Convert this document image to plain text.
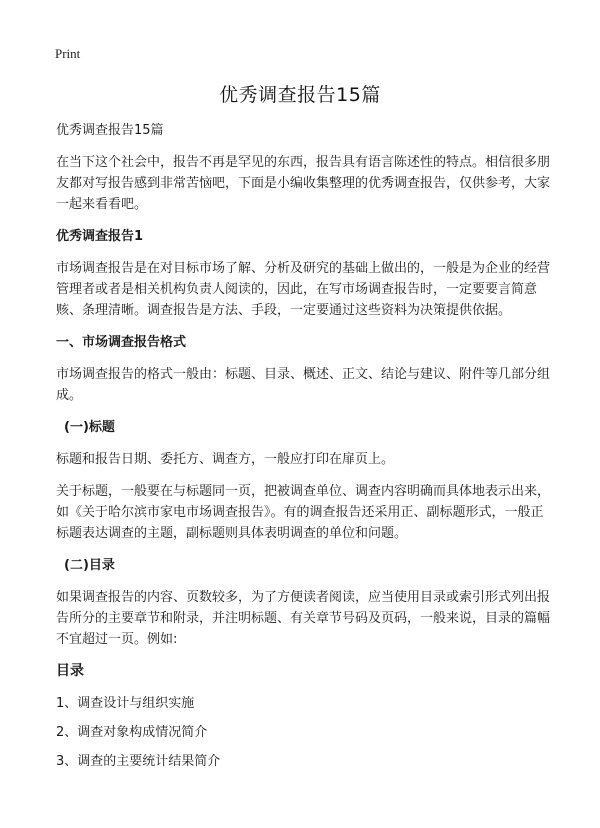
Print
优秀调查报告15篇

优秀调查报告15篇

在当下这个社会中，报告不再是罕见的东西，报告具有语言陈述性的特点。相信很多朋友都对写报告感到非常苦恼吧，下面是小编收集整理的优秀调查报告，仅供参考，大家一起来看看吧。

优秀调查报告1

市场调查报告是在对目标市场了解、分析及研究的基础上做出的，一般是为企业的经营管理者或者是相关机构负责人阅读的，因此，在写市场调查报告时，一定要要言简意赅、条理清晰。调查报告是方法、手段，一定要通过这些资料为决策提供依据。

一、市场调查报告格式

市场调查报告的格式一般由：标题、目录、概述、正文、结论与建议、附件等几部分组成。

(一)标题

标题和报告日期、委托方、调查方，一般应打印在扉页上。

关于标题，一般要在与标题同一页，把被调查单位、调查内容明确而具体地表示出来，如《关于哈尔滨市家电市场调查报告》。有的调查报告还采用正、副标题形式，一般正标题表达调查的主题，副标题则具体表明调查的单位和问题。

(二)目录

如果调查报告的内容、页数较多，为了方便读者阅读，应当使用目录或索引形式列出报告所分的主要章节和附录，并注明标题、有关章节号码及页码，一般来说，目录的篇幅不宜超过一页。例如:

目录

1、调查设计与组织实施

2、调查对象构成情况简介

3、调查的主要统计结果简介
